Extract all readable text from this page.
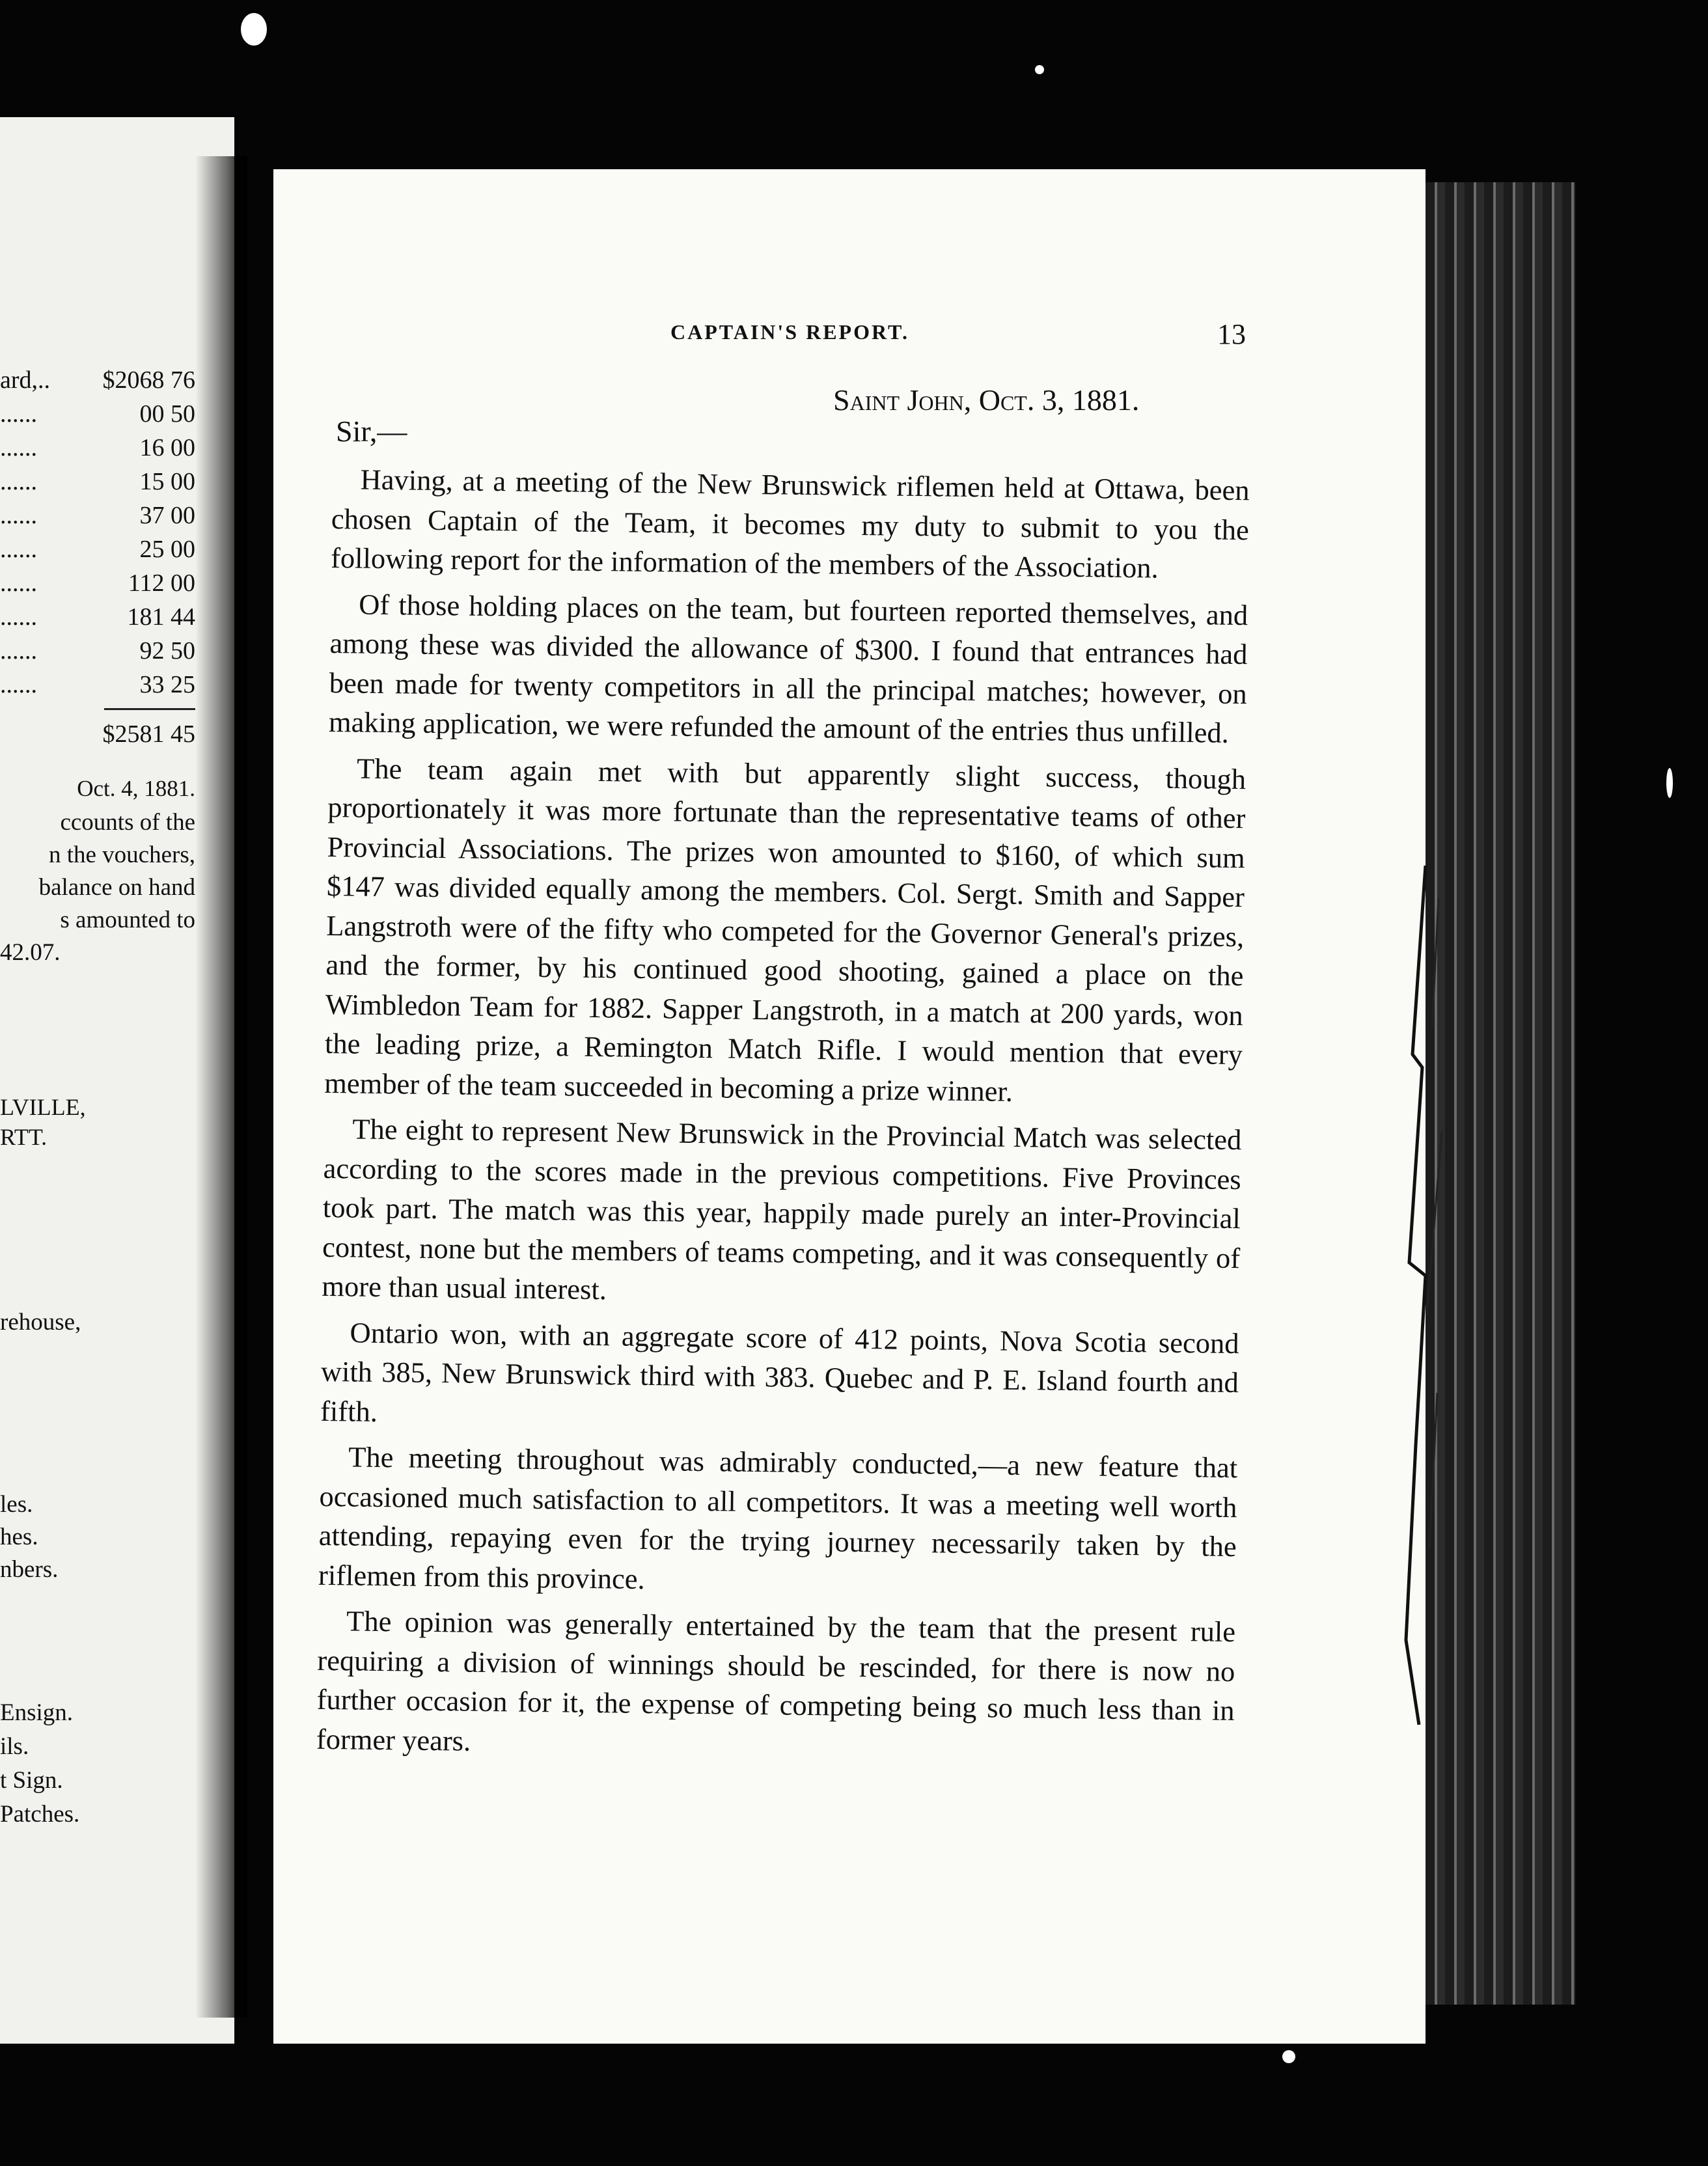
ard,.. $2068 76
......	00 50
......	16 00
......	15 00
......	37 00
......	25 00
......	112 00
......	181 44
......	92 50
......	33 25
$2581 45
Oct. 4, 1881.
ccounts of the
n the vouchers,
balance on hand
s amounted to
42.07.
LVILLE,
RTT.
rehouse,
les.
hes.
nbers.
Ensign.
ils.
t Sign.
Patches.
CAPTAIN'S REPORT.	13
Saint John, Oct. 3, 1881.
Sir,—

Having, at a meeting of the New Brunswick riflemen held at Ottawa, been chosen Captain of the Team, it becomes my duty to submit to you the following report for the information of the members of the Association.

Of those holding places on the team, but fourteen reported themselves, and among these was divided the allowance of $300. I found that entrances had been made for twenty competitors in all the principal matches; however, on making application, we were refunded the amount of the entries thus unfilled.

The team again met with but apparently slight success, though proportionately it was more fortunate than the representative teams of other Provincial Associations. The prizes won amounted to $160, of which sum $147 was divided equally among the members. Col. Sergt. Smith and Sapper Langstroth were of the fifty who competed for the Governor General's prizes, and the former, by his continued good shooting, gained a place on the Wimbledon Team for 1882. Sapper Langstroth, in a match at 200 yards, won the leading prize, a Remington Match Rifle. I would mention that every member of the team succeeded in becoming a prize winner.

The eight to represent New Brunswick in the Provincial Match was selected according to the scores made in the previous competitions. Five Provinces took part. The match was this year, happily made purely an inter-Provincial contest, none but the members of teams competing, and it was consequently of more than usual interest.

Ontario won, with an aggregate score of 412 points, Nova Scotia second with 385, New Brunswick third with 383. Quebec and P. E. Island fourth and fifth.

The meeting throughout was admirably conducted,—a new feature that occasioned much satisfaction to all competitors. It was a meeting well worth attending, repaying even for the trying journey necessarily taken by the riflemen from this province.

The opinion was generally entertained by the team that the present rule requiring a division of winnings should be rescinded, for there is now no further occasion for it, the expense of competing being so much less than in former years.
